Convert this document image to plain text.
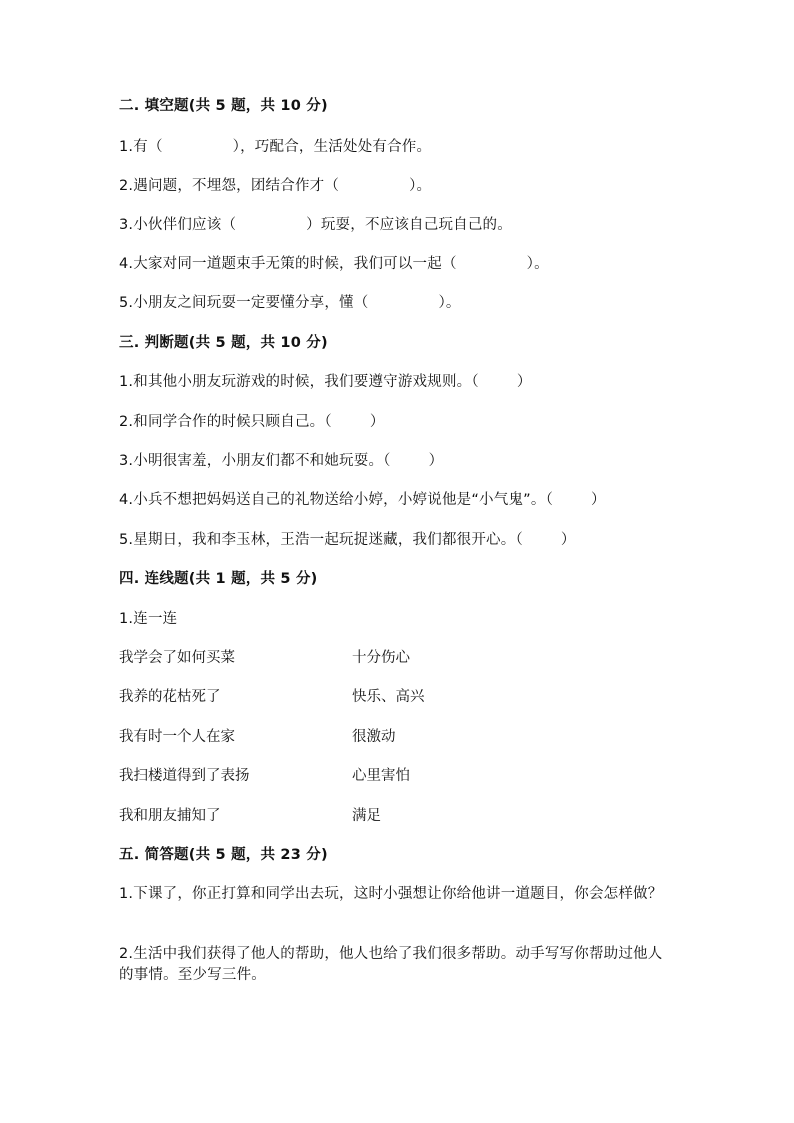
二. 填空题(共 5 题，共 10 分)
1.有（	），巧配合，生活处处有合作。
2.遇问题，不埋怨，团结合作才（	）。
3.小伙伴们应该（	）玩耍，不应该自己玩自己的。
4.大家对同一道题束手无策的时候，我们可以一起（	）。
5.小朋友之间玩耍一定要懂分享，懂（	）。
三. 判断题(共 5 题，共 10 分)
1.和其他小朋友玩游戏的时候，我们要遵守游戏规则。（	）
2.和同学合作的时候只顾自己。（	）
3.小明很害羞，小朋友们都不和她玩耍。（	）
4.小兵不想把妈妈送自己的礼物送给小婷，小婷说他是“小气鬼”。（	）
5.星期日，我和李玉林，王浩一起玩捉迷藏，我们都很开心。（	）
四. 连线题(共 1 题，共 5 分)
1.连一连
我学会了如何买菜	十分伤心
我养的花枯死了	快乐、高兴
我有时一个人在家	很激动
我扫楼道得到了表扬	心里害怕
我和朋友捕知了	满足
五. 简答题(共 5 题，共 23 分)
1.下课了，你正打算和同学出去玩，这时小强想让你给他讲一道题目，你会怎样做？
2.生活中我们获得了他人的帮助，他人也给了我们很多帮助。动手写写你帮助过他人的事情。至少写三件。
